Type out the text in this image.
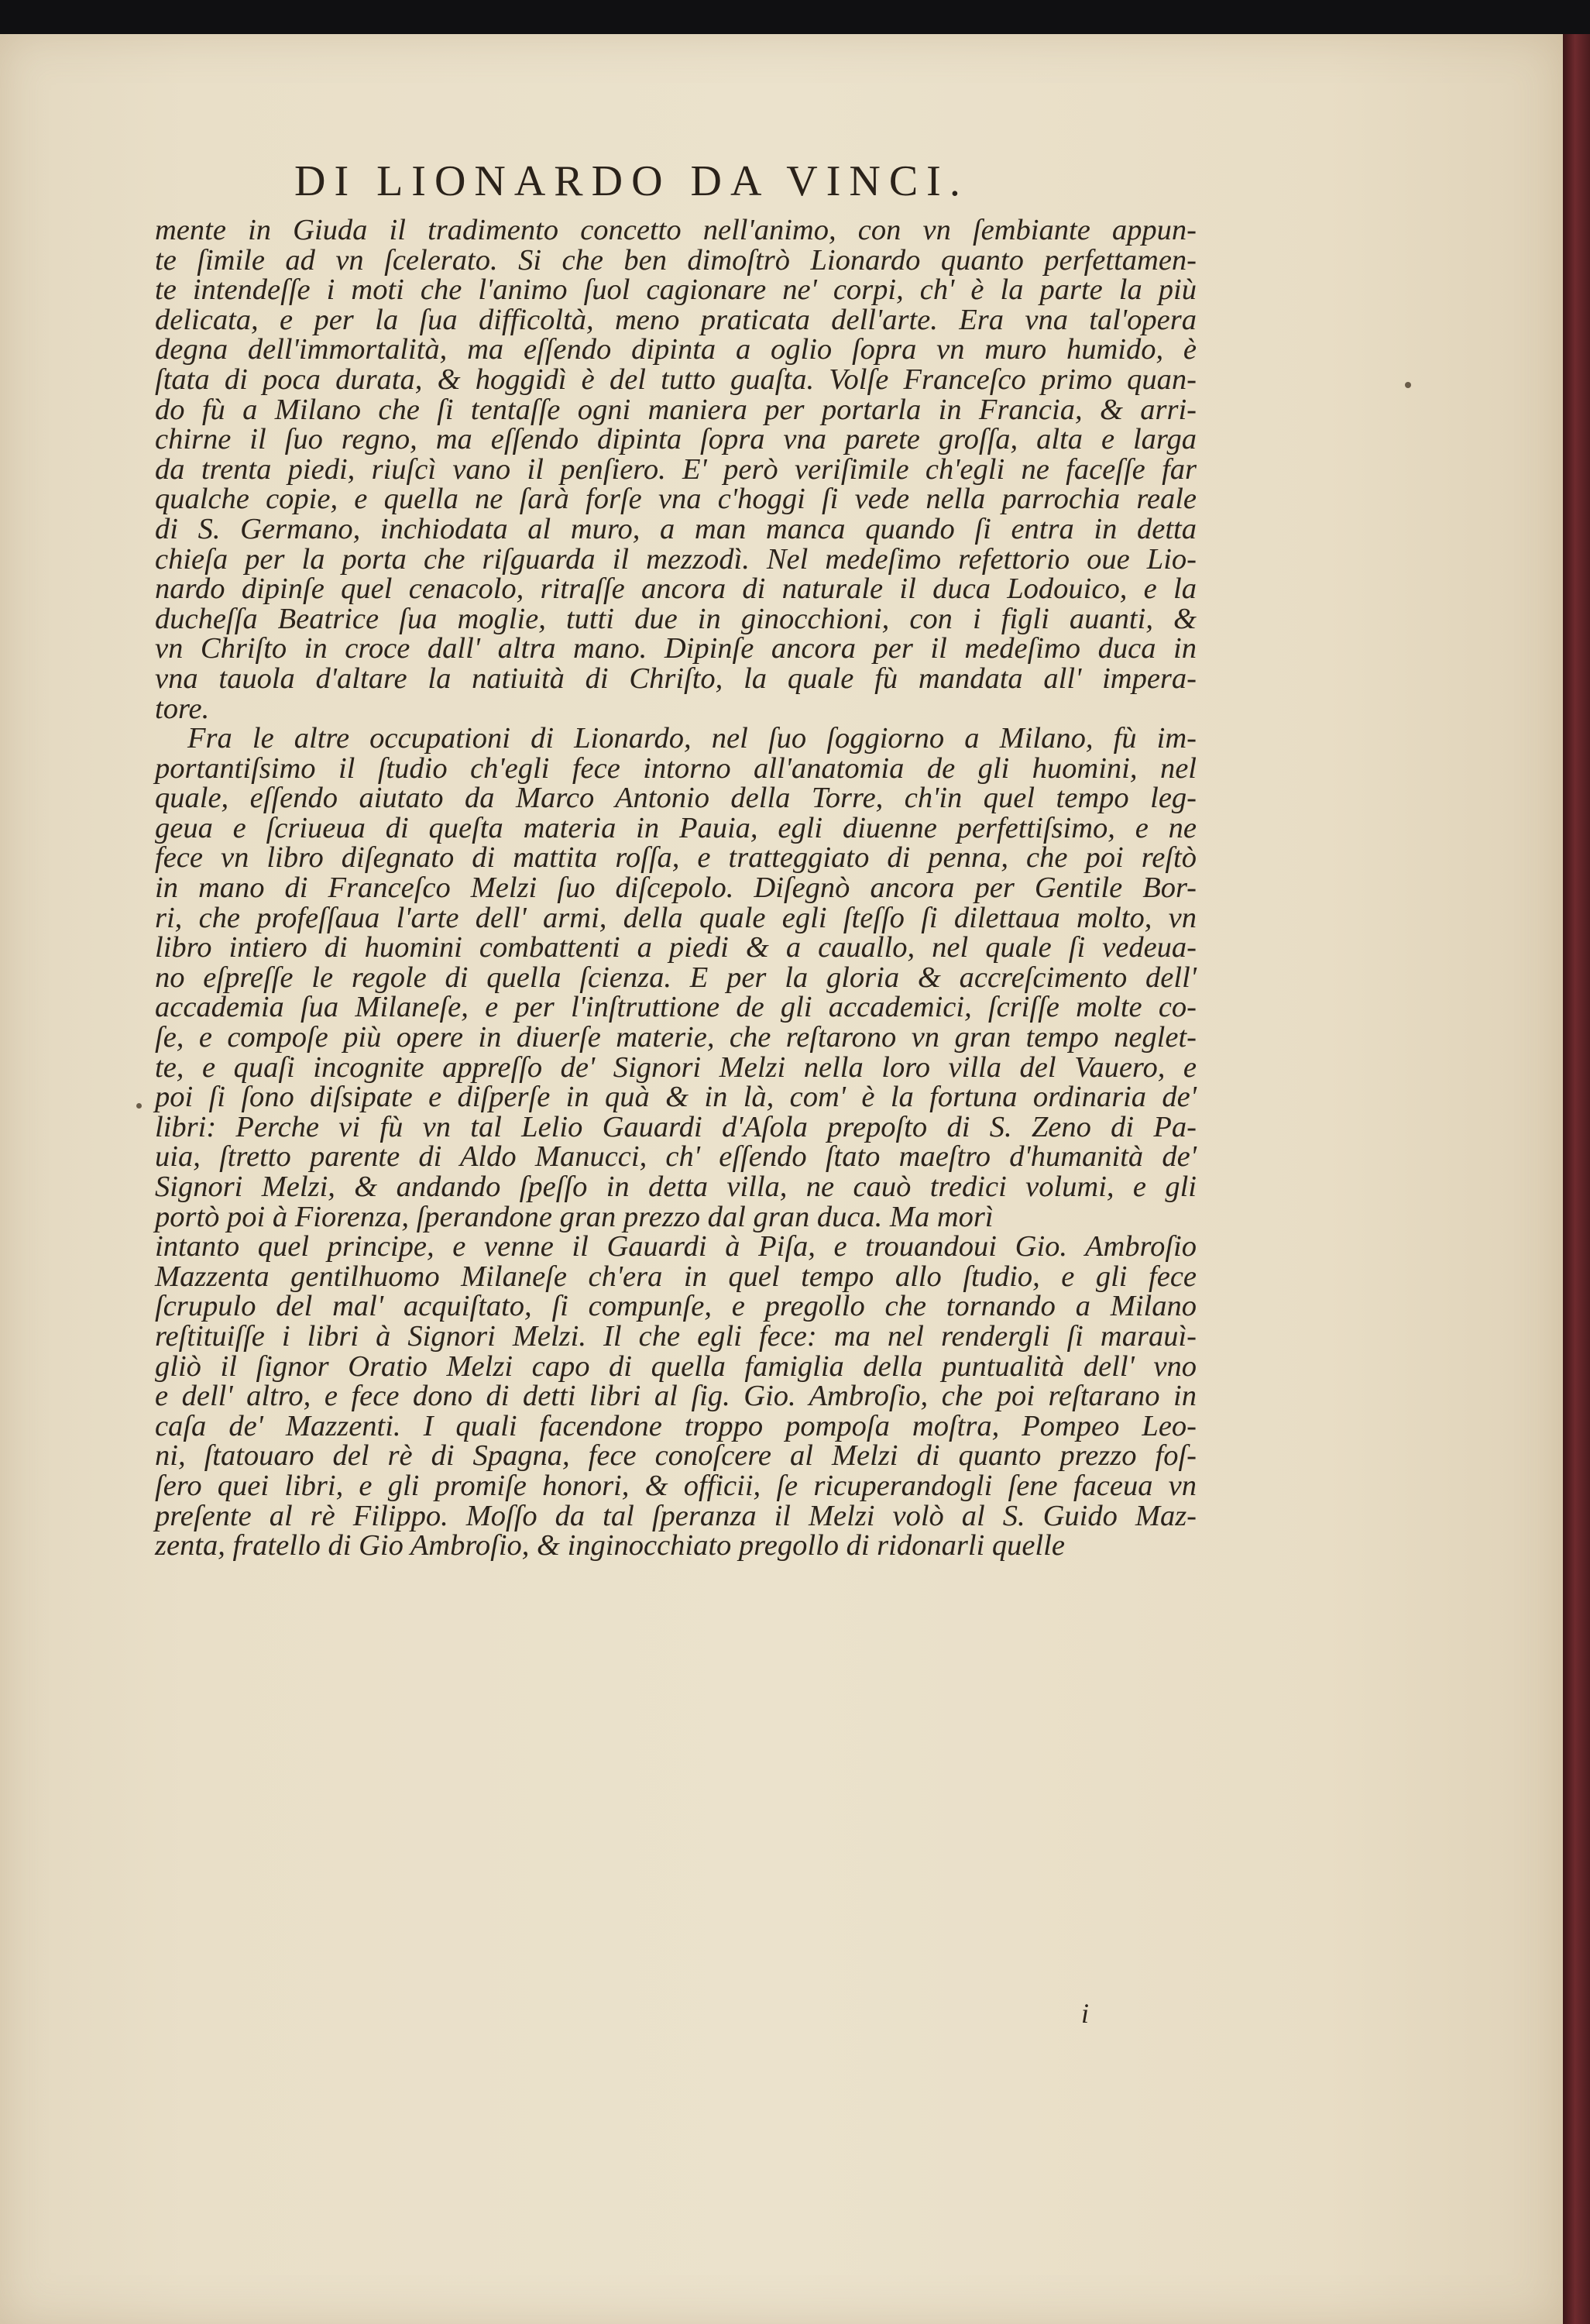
DI LIONARDO DA VINCI.
mente in Giuda il tradimento concetto nell'animo, con vn ſembiante appun-
te ſimile ad vn ſcelerato. Si che ben dimoſtrò Lionardo quanto perfettamen-
te intendeſſe i moti che l'animo ſuol cagionare ne' corpi, ch' è la parte la più
delicata, e per la ſua difficoltà, meno praticata dell'arte. Era vna tal'opera
degna dell'immortalità, ma eſſendo dipinta a oglio ſopra vn muro humido, è
ſtata di poca durata, & hoggidì è del tutto guaſta. Volſe Franceſco primo quan-
do fù a Milano che ſi tentaſſe ogni maniera per portarla in Francia, & arri-
chirne il ſuo regno, ma eſſendo dipinta ſopra vna parete groſſa, alta e larga
da trenta piedi, riuſcì vano il penſiero. E' però veriſimile ch'egli ne faceſſe far
qualche copie, e quella ne ſarà forſe vna c'hoggi ſi vede nella parrochia reale
di S. Germano, inchiodata al muro, a man manca quando ſi entra in detta
chieſa per la porta che riſguarda il mezzodì. Nel medeſimo refettorio oue Lio-
nardo dipinſe quel cenacolo, ritraſſe ancora di naturale il duca Lodouico, e la
ducheſſa Beatrice ſua moglie, tutti due in ginocchioni, con i figli auanti, &
vn Chriſto in croce dall' altra mano. Dipinſe ancora per il medeſimo duca in
vna tauola d'altare la natiuità di Chriſto, la quale fù mandata all' impera-
tore.
Fra le altre occupationi di Lionardo, nel ſuo ſoggiorno a Milano, fù im-
portantiſsimo il ſtudio ch'egli fece intorno all'anatomia de gli huomini, nel
quale, eſſendo aiutato da Marco Antonio della Torre, ch'in quel tempo leg-
geua e ſcriueua di queſta materia in Pauia, egli diuenne perfettiſsimo, e ne
fece vn libro diſegnato di mattita roſſa, e tratteggiato di penna, che poi reſtò
in mano di Franceſco Melzi ſuo diſcepolo. Diſegnò ancora per Gentile Bor-
ri, che profeſſaua l'arte dell' armi, della quale egli ſteſſo ſi dilettaua molto, vn
libro intiero di huomini combattenti a piedi & a cauallo, nel quale ſi vedeua-
no eſpreſſe le regole di quella ſcienza. E per la gloria & accreſcimento dell'
accademia ſua Milaneſe, e per l'inſtruttione de gli accademici, ſcriſſe molte co-
ſe, e compoſe più opere in diuerſe materie, che reſtarono vn gran tempo neglet-
te, e quaſi incognite appreſſo de' Signori Melzi nella loro villa del Vauero, e
poi ſi ſono diſsipate e diſperſe in quà & in là, com' è la fortuna ordinaria de'
libri: Perche vi fù vn tal Lelio Gauardi d'Aſola prepoſto di S. Zeno di Pa-
uia, ſtretto parente di Aldo Manucci, ch' eſſendo ſtato maeſtro d'humanità de'
Signori Melzi, & andando ſpeſſo in detta villa, ne cauò tredici volumi, e gli
portò poi à Fiorenza, ſperandone gran prezzo dal gran duca. Ma morì
intanto quel principe, e venne il Gauardi à Piſa, e trouandoui Gio. Ambroſio
Mazzenta gentilhuomo Milaneſe ch'era in quel tempo allo ſtudio, e gli fece
ſcrupulo del mal' acquiſtato, ſi compunſe, e pregollo che tornando a Milano
reſtituiſſe i libri à Signori Melzi. Il che egli fece: ma nel rendergli ſi marauì-
gliò il ſignor Oratio Melzi capo di quella famiglia della puntualità dell' vno
e dell' altro, e fece dono di detti libri al ſig. Gio. Ambroſio, che poi reſtarano in
caſa de' Mazzenti. I quali facendone troppo pompoſa moſtra, Pompeo Leo-
ni, ſtatouaro del rè di Spagna, fece conoſcere al Melzi di quanto prezzo foſ-
ſero quei libri, e gli promiſe honori, & officii, ſe ricuperandogli ſene faceua vn
preſente al rè Filippo. Moſſo da tal ſperanza il Melzi volò al S. Guido Maz-
zenta, fratello di Gio Ambroſio, & inginocchiato pregollo di ridonarli quelle
i
